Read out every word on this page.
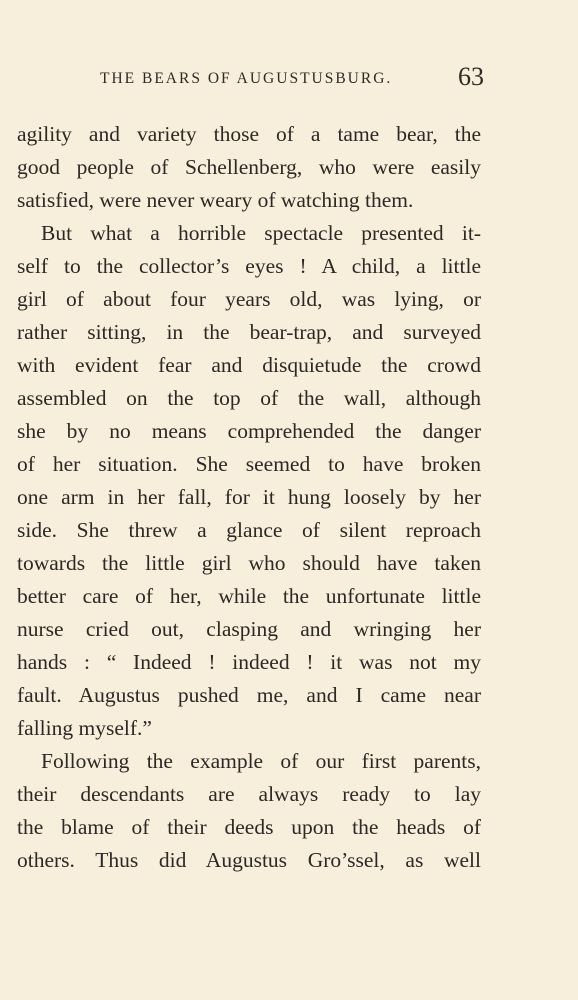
THE BEARS OF AUGUSTUSBURG.	63
agility and variety those of a tame bear, the
good people of Schellenberg, who were easily
satisfied, were never weary of watching them.
But what a horrible spectacle presented it-
self to the collector’s eyes ! A child, a little
girl of about four years old, was lying, or
rather sitting, in the bear-trap, and surveyed
with evident fear and disquietude the crowd
assembled on the top of the wall, although
she by no means comprehended the danger
of her situation. She seemed to have broken
one arm in her fall, for it hung loosely by her
side. She threw a glance of silent reproach
towards the little girl who should have taken
better care of her, while the unfortunate little
nurse cried out, clasping and wringing her
hands : “ Indeed ! indeed ! it was not my
fault. Augustus pushed me, and I came near
falling myself.”
Following the example of our first parents,
their descendants are always ready to lay
the blame of their deeds upon the heads of
others. Thus did Augustus Gro’ssel, as well
